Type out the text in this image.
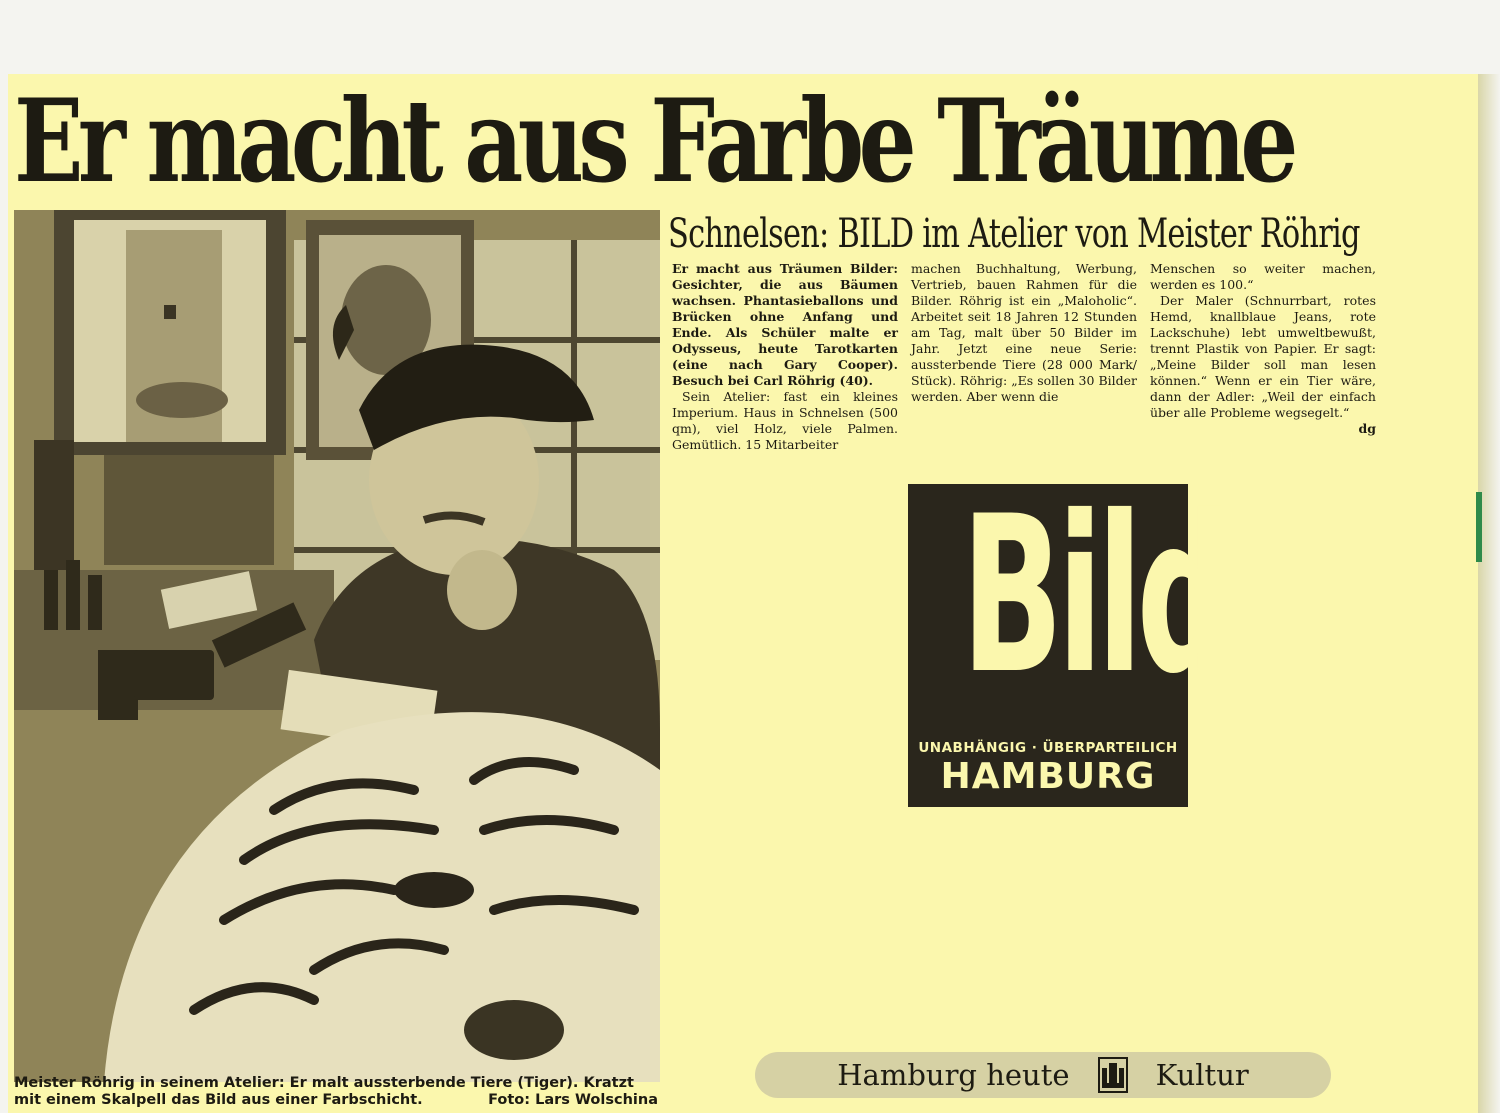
Er macht aus Farbe Träume
Meister Röhrig in seinem Atelier: Er malt aussterbende Tiere (Tiger). Kratzt mit einem Skalpell das Bild aus einer Farbschicht.	Foto: Lars Wolschina
Schnelsen: BILD im Atelier von Meister Röhrig

Er macht aus Träumen Bilder: Gesichter, die aus Bäumen wachsen. Phantasieballons und Brücken ohne Anfang und Ende. Als Schüler malte er Odysseus, heute Tarotkarten (eine nach Gary Cooper). Besuch bei Carl Röhrig (40).

Sein Atelier: fast ein kleines Imperium. Haus in Schnelsen (500 qm), viel Holz, viele Palmen. Gemütlich. 15 Mitarbeiter

machen Buchhaltung, Werbung, Vertrieb, bauen Rahmen für die Bilder. Röhrig ist ein „Maloholic“. Arbeitet seit 18 Jahren 12 Stunden am Tag, malt über 50 Bilder im Jahr. Jetzt eine neue Serie: aussterbende Tiere (28 000 Mark/ Stück). Röhrig: „Es sollen 30 Bilder werden. Aber wenn die

Menschen so weiter machen, werden es 100.“

Der Maler (Schnurrbart, rotes Hemd, knallblaue Jeans, rote Lackschuhe) lebt umweltbewußt, trennt Plastik von Papier. Er sagt: „Meine Bilder soll man lesen können.“ Wenn er ein Tier wäre, dann der Adler: „Weil der einfach über alle Probleme wegsegelt.“
dg

Bild
UNABHÄNGIG · ÜBERPARTEILICH
HAMBURG
Hamburg heute	Kultur
